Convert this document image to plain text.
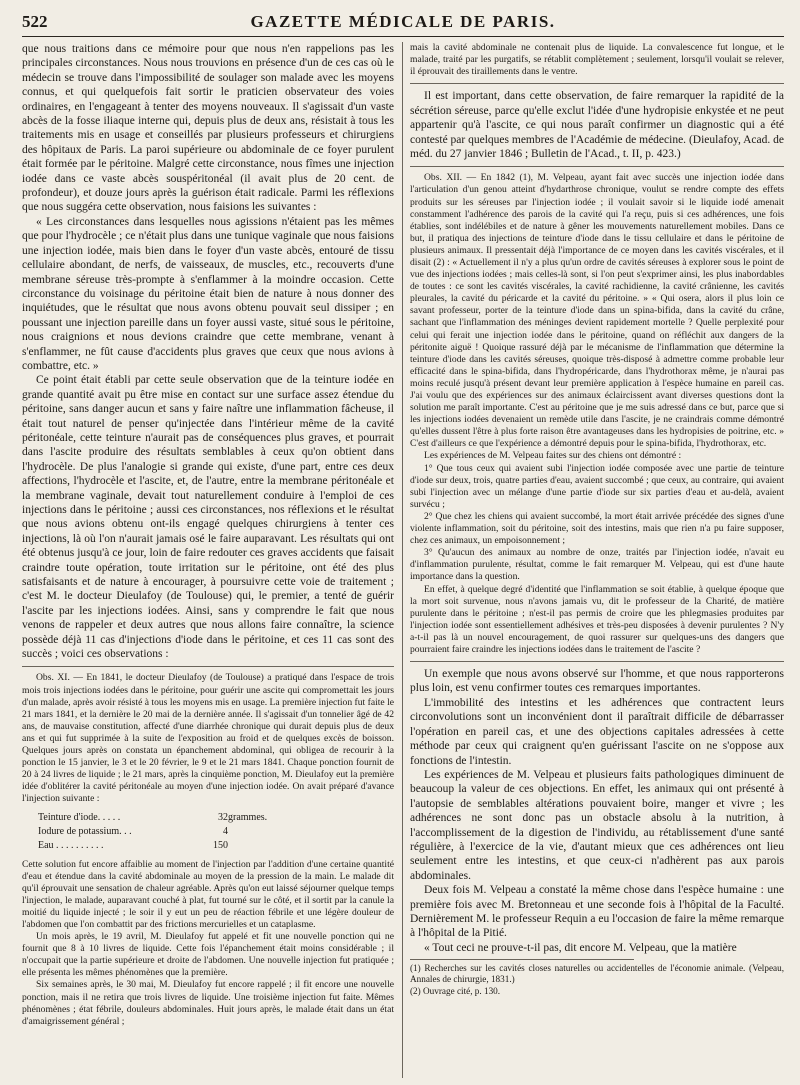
522	GAZETTE MÉDICALE DE PARIS.

que nous traitions dans ce mémoire pour que nous n'en rappelions pas les principales circonstances. Nous nous trouvions en présence d'un de ces cas où le médecin se trouve dans l'impossibilité de soulager son malade avec les moyens connus, et qui quelquefois fait sortir le praticien observateur des voies ordinaires, en l'engageant à tenter des moyens nouveaux. Il s'agissait d'un vaste abcès de la fosse iliaque interne qui, depuis plus de deux ans, résistait à tous les traitements mis en usage et conseillés par plusieurs professeurs et chirurgiens des hôpitaux de Paris. La paroi supérieure ou abdominale de ce foyer purulent était formée par le péritoine. Malgré cette circonstance, nous fîmes une injection iodée dans ce vaste abcès souspéritonéal (il avait plus de 20 cent. de profondeur), et douze jours après la guérison était radicale. Parmi les réflexions que nous suggéra cette observation, nous faisions les suivantes :

« Les circonstances dans lesquelles nous agissions n'étaient pas les mêmes que pour l'hydrocèle ; ce n'était plus dans une tunique vaginale que nous faisions une injection iodée, mais bien dans le foyer d'un vaste abcès, entouré de tissu cellulaire abondant, de nerfs, de vaisseaux, de muscles, etc., recouverts d'une membrane séreuse très-prompte à s'enflammer à la moindre occasion. Cette circonstance du voisinage du péritoine était bien de nature à nous donner des inquiétudes, que le résultat que nous avons obtenu pouvait seul dissiper ; en poussant une injection pareille dans un foyer aussi vaste, situé sous le péritoine, nous craignions et nous devions craindre que cette membrane, venant à s'enflammer, ne fût cause d'accidents plus graves que ceux que nous avions à combattre, etc. »

Ce point était établi par cette seule observation que de la teinture iodée en grande quantité avait pu être mise en contact sur une surface assez étendue du péritoine, sans danger aucun et sans y faire naître une inflammation fâcheuse, il était tout naturel de penser qu'injectée dans l'intérieur même de la cavité péritonéale, cette teinture n'aurait pas de conséquences plus graves, et pourrait dans l'ascite produire des résultats semblables à ceux qu'on obtient dans l'hydrocèle. De plus l'analogie si grande qui existe, d'une part, entre ces deux affections, l'hydrocèle et l'ascite, et, de l'autre, entre la membrane péritonéale et la membrane vaginale, devait tout naturellement conduire à l'emploi de ces injections dans le péritoine ; aussi ces circonstances, nos réflexions et le résultat que nous avions obtenu ont-ils engagé quelques chirurgiens à tenter ces injections, là où l'on n'aurait jamais osé le faire auparavant. Les résultats qui ont été obtenus jusqu'à ce jour, loin de faire redouter ces graves accidents que faisait craindre toute opération, toute irritation sur le péritoine, ont été des plus satisfaisants et de nature à encourager, à poursuivre cette voie de traitement ; c'est M. le docteur Dieulafoy (de Toulouse) qui, le premier, a tenté de guérir l'ascite par les injections iodées. Ainsi, sans y comprendre le fait que nous venons de rappeler et deux autres que nous allons faire connaître, la science possède déjà 11 cas d'injections d'iode dans le péritoine, et ces 11 cas sont des succès ; voici ces observations :

Obs. XI. — En 1841, le docteur Dieulafoy (de Toulouse) a pratiqué dans l'espace de trois mois trois injections iodées dans le péritoine, pour guérir une ascite qui compromettait les jours d'un malade, après avoir résisté à tous les moyens mis en usage. La première injection fut faite le 21 mars 1841, et la dernière le 20 mai de la dernière année. Il s'agissait d'un tonnelier âgé de 42 ans, de mauvaise constitution, affecté d'une diarrhée chronique qui durait depuis plus de deux ans et qui fut supprimée à la suite de l'exposition au froid et de quelques excès de boisson. Quelques jours après on constata un épanchement abdominal, qui obligea de recourir à la ponction le 15 janvier, le 3 et le 20 février, le 9 et le 21 mars 1841. Chaque ponction fournit de 20 à 24 livres de liquide ; le 21 mars, après la cinquième ponction, M. Dieulafoy eut la première idée d'oblitérer la cavité péritonéale au moyen d'une injection iodée. On avait préparé d'avance l'injection suivante :

Teinture d'iode. . . . .	32	grammes.
Iodure de potassium. . .	4	
Eau . . . . . . . . . .	150	

Cette solution fut encore affaiblie au moment de l'injection par l'addition d'une certaine quantité d'eau et étendue dans la cavité abdominale au moyen de la pression de la main. Le malade dit qu'il éprouvait une sensation de chaleur agréable. Après qu'on eut laissé séjourner quelque temps l'injection, le malade, auparavant couché à plat, fut tourné sur le côté, et il sortit par la canule la moitié du liquide injecté ; le soir il y eut un peu de réaction fébrile et une légère douleur de l'abdomen que l'on combattit par des frictions mercurielles et un cataplasme.

Un mois après, le 19 avril, M. Dieulafoy fut appelé et fit une nouvelle ponction qui ne fournit que 8 à 10 livres de liquide. Cette fois l'épanchement était moins considérable ; il n'occupait que la partie supérieure et droite de l'abdomen. Une nouvelle injection fut pratiquée ; elle présenta les mêmes phénomènes que la première.

Six semaines après, le 30 mai, M. Dieulafoy fut encore rappelé ; il fit encore une nouvelle ponction, mais il ne retira que trois livres de liquide. Une troisième injection fut faite. Mêmes phénomènes ; état fébrile, douleurs abdominales. Huit jours après, le malade était dans un état d'amaigrissement général ;

mais la cavité abdominale ne contenait plus de liquide. La convalescence fut longue, et le malade, traité par les purgatifs, se rétablit complètement ; seulement, lorsqu'il voulait se relever, il éprouvait des tiraillements dans le ventre.

Il est important, dans cette observation, de faire remarquer la rapidité de la sécrétion séreuse, parce qu'elle exclut l'idée d'une hydropisie enkystée et ne peut appartenir qu'à l'ascite, ce qui nous paraît confirmer un diagnostic qui a été contesté par quelques membres de l'Académie de médecine. (Dieulafoy, Acad. de méd. du 27 janvier 1846 ; Bulletin de l'Acad., t. II, p. 423.)

Obs. XII. — En 1842 (1), M. Velpeau, ayant fait avec succès une injection iodée dans l'articulation d'un genou atteint d'hydarthrose chronique, voulut se rendre compte des effets produits sur les séreuses par l'injection iodée ; il voulait savoir si le liquide iodé amenait constamment l'adhérence des parois de la cavité qui l'a reçu, puis si ces adhérences, une fois établies, sont indélébiles et de nature à gêner les mouvements naturellement mobiles. Dans ce but, il pratiqua des injections de teinture d'iode dans le tissu cellulaire et dans le péritoine de plusieurs animaux. Il pressentait déjà l'importance de ce moyen dans les cavités viscérales, et il disait (2) : « Actuellement il n'y a plus qu'un ordre de cavités séreuses à explorer sous le point de vue des injections iodées ; mais celles-là sont, si l'on peut s'exprimer ainsi, les plus inabordables de toutes : ce sont les cavités viscérales, la cavité rachidienne, la cavité crânienne, les cavités pleurales, la cavité du péricarde et la cavité du péritoine. » « Qui osera, alors il plus loin ce savant professeur, porter de la teinture d'iode dans un spina-bifida, dans la cavité du crâne, sachant que l'inflammation des méninges devient rapidement mortelle ? Quelle perplexité pour celui qui ferait une injection iodée dans le péritoine, quand on réfléchit aux dangers de la péritonite aiguë ! Quoique rassuré déjà par le mécanisme de l'inflammation que détermine la teinture d'iode dans les cavités séreuses, quoique très-disposé à admettre comme probable leur efficacité dans le spina-bifida, dans l'hydropéricarde, dans l'hydrothorax même, je n'aurai pas moins reculé jusqu'à présent devant leur première application à l'espèce humaine en pareil cas. J'ai voulu que des expériences sur des animaux éclaircissent avant diverses questions dont la solution me paraît importante. C'est au péritoine que je me suis adressé dans ce but, parce que si les injections iodées devenaient un remède utile dans l'ascite, je ne craindrais comme démontré qu'elles dussent l'être à plus forte raison être avantageuses dans les hydropisies de poitrine, etc. » C'est d'ailleurs ce que l'expérience a démontré depuis pour le spina-bifida, l'hydrothorax, etc.

Les expériences de M. Velpeau faites sur des chiens ont démontré :

1° Que tous ceux qui avaient subi l'injection iodée composée avec une partie de teinture d'iode sur deux, trois, quatre parties d'eau, avaient succombé ; que ceux, au contraire, qui avaient subi l'injection avec un mélange d'une partie d'iode sur six parties d'eau et au-delà, avaient survécu ;

2° Que chez les chiens qui avaient succombé, la mort était arrivée précédée des signes d'une violente inflammation, soit du péritoine, soit des intestins, mais que rien n'a pu faire supposer, chez ces animaux, un empoisonnement ;

3° Qu'aucun des animaux au nombre de onze, traités par l'injection iodée, n'avait eu d'inflammation purulente, résultat, comme le fait remarquer M. Velpeau, qui est d'une haute importance dans la question.

En effet, à quelque degré d'identité que l'inflammation se soit établie, à quelque époque que la mort soit survenue, nous n'avons jamais vu, dit le professeur de la Charité, de matière purulente dans le péritoine ; n'est-il pas permis de croire que les phlegmasies produites par l'injection iodée sont essentiellement adhésives et très-peu disposées à devenir purulentes ? N'y a-t-il pas là un nouvel encouragement, de quoi rassurer sur quelques-uns des dangers que pourraient faire craindre les injections iodées dans le traitement de l'ascite ?

Un exemple que nous avons observé sur l'homme, et que nous rapporterons plus loin, est venu confirmer toutes ces remarques importantes.

L'immobilité des intestins et les adhérences que contractent leurs circonvolutions sont un inconvénient dont il paraîtrait difficile de débarrasser l'opération en pareil cas, et une des objections capitales adressées à cette méthode par ceux qui craignent qu'en guérissant l'ascite on ne s'oppose aux fonctions de l'intestin.

Les expériences de M. Velpeau et plusieurs faits pathologiques diminuent de beaucoup la valeur de ces objections. En effet, les animaux qui ont présenté à l'autopsie de semblables altérations pouvaient boire, manger et vivre ; les adhérences ne sont donc pas un obstacle absolu à la nutrition, à l'accomplissement de la digestion de l'individu, au rétablissement d'une santé régulière, à l'exercice de la vie, d'autant mieux que ces adhérences ont lieu seulement entre les intestins, et que ceux-ci n'adhèrent pas aux parois abdominales.

Deux fois M. Velpeau a constaté la même chose dans l'espèce humaine : une première fois avec M. Bretonneau et une seconde fois à l'hôpital de la Faculté. Dernièrement M. le professeur Requin a eu l'occasion de faire la même remarque à l'hôpital de la Pitié.

« Tout ceci ne prouve-t-il pas, dit encore M. Velpeau, que la matière

(1) Recherches sur les cavités closes naturelles ou accidentelles de l'économie animale. (Velpeau, Annales de chirurgie, 1831.)

(2) Ouvrage cité, p. 130.
